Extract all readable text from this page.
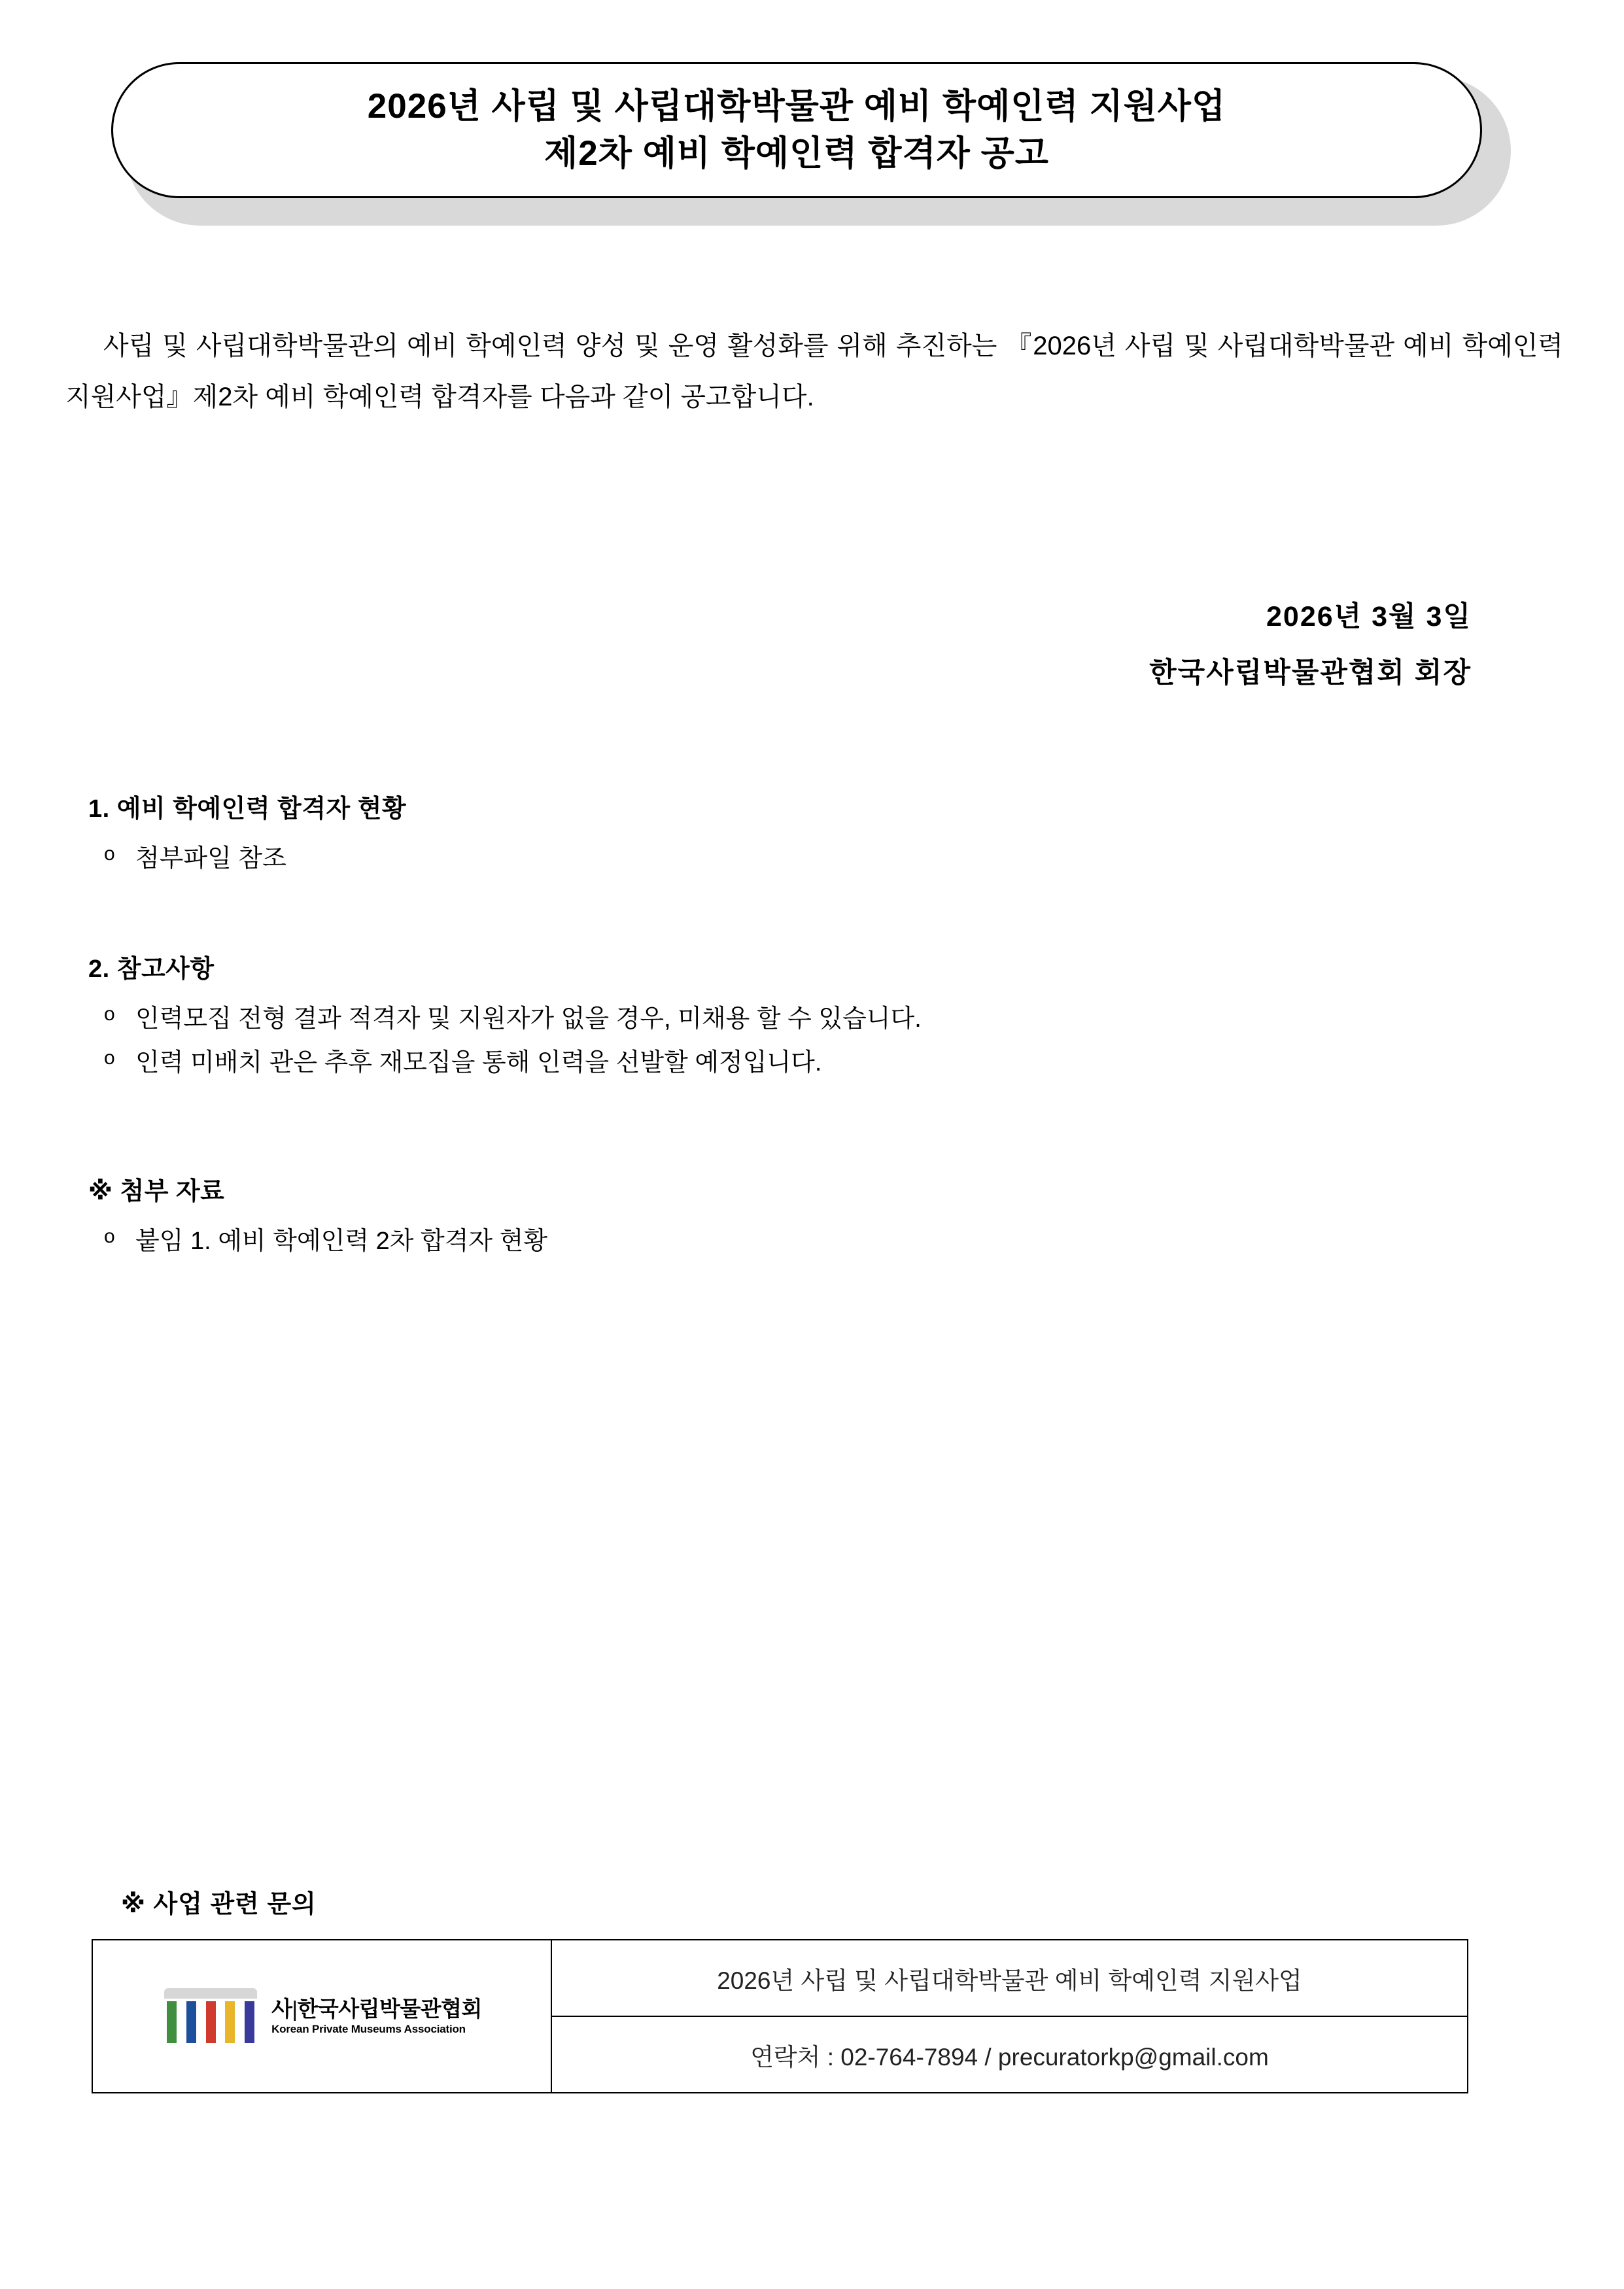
2026년 사립 및 사립대학박물관 예비 학예인력 지원사업
제2차 예비 학예인력 합격자 공고

사립 및 사립대학박물관의 예비 학예인력 양성 및 운영 활성화를 위해 추진하는 『2026년 사립 및 사립대학박물관 예비 학예인력 지원사업』제2차 예비 학예인력 합격자를 다음과 같이 공고합니다.

2026년 3월 3일
한국사립박물관협회 회장
1. 예비 학예인력 합격자 현황
o 첨부파일 참조
2. 참고사항
o 인력모집 전형 결과 적격자 및 지원자가 없을 경우, 미채용 할 수 있습니다.
o 인력 미배치 관은 추후 재모집을 통해 인력을 선발할 예정입니다.
※ 첨부 자료
o 붙임 1. 예비 학예인력 2차 합격자 현황
※ 사업 관련 문의
사|한국사립박물관협회
Korean Private Museums Association
	2026년 사립 및 사립대학박물관 예비 학예인력 지원사업
연락처 : 02-764-7894 / precuratorkp@gmail.com
